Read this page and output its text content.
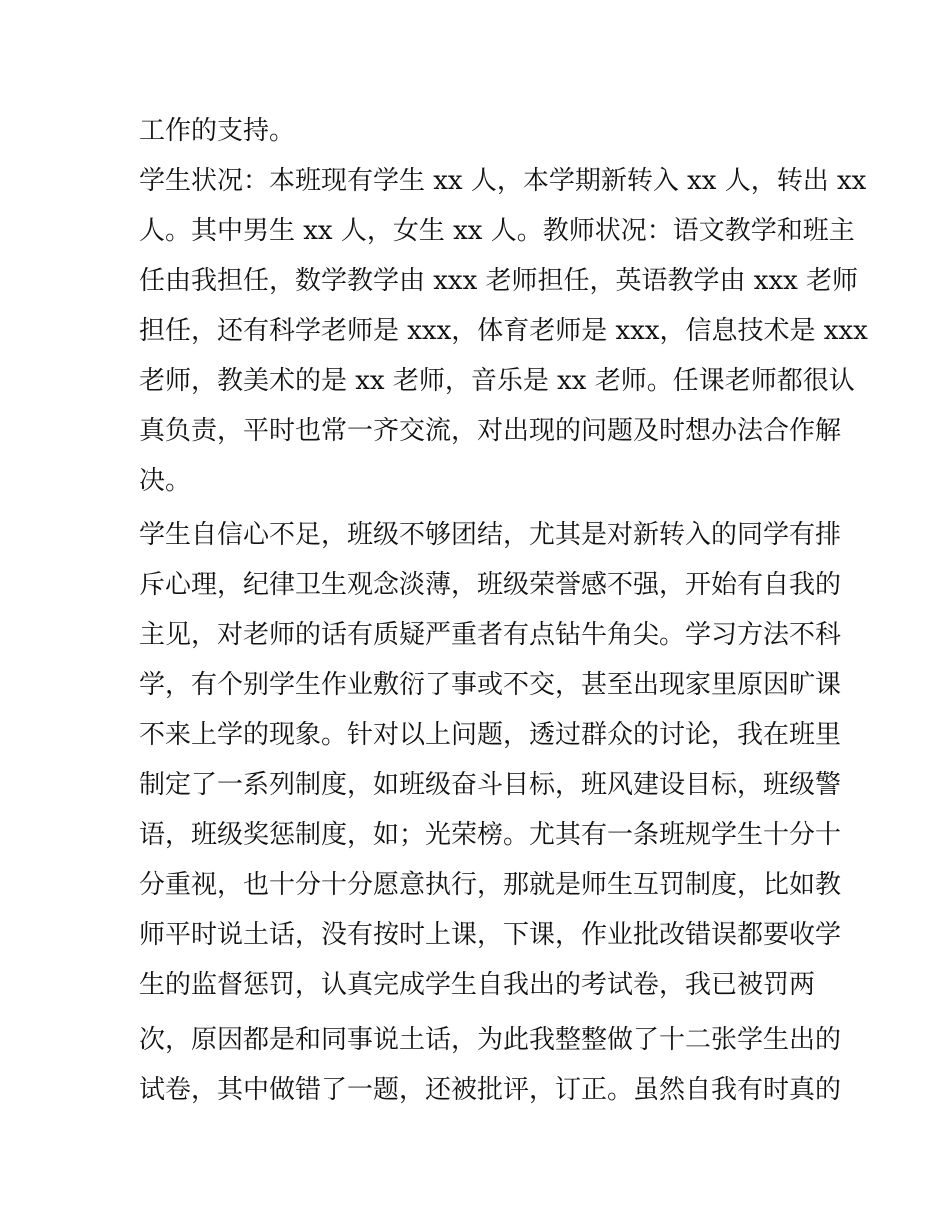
工作的支持。

学生状况：本班现有学生 xx 人，本学期新转入 xx 人，转出 xx

人。其中男生 xx 人，女生 xx 人。教师状况：语文教学和班主

任由我担任，数学教学由 xxx 老师担任，英语教学由 xxx 老师

担任，还有科学老师是 xxx，体育老师是 xxx，信息技术是 xxx

老师，教美术的是 xx 老师，音乐是 xx 老师。任课老师都很认

真负责，平时也常一齐交流，对出现的问题及时想办法合作解

决。

学生自信心不足，班级不够团结，尤其是对新转入的同学有排

斥心理，纪律卫生观念淡薄，班级荣誉感不强，开始有自我的

主见，对老师的话有质疑严重者有点钻牛角尖。学习方法不科

学，有个别学生作业敷衍了事或不交，甚至出现家里原因旷课

不来上学的现象。针对以上问题，透过群众的讨论，我在班里

制定了一系列制度，如班级奋斗目标，班风建设目标，班级警

语，班级奖惩制度，如；光荣榜。尤其有一条班规学生十分十

分重视，也十分十分愿意执行，那就是师生互罚制度，比如教

师平时说土话，没有按时上课，下课，作业批改错误都要收学

生的监督惩罚，认真完成学生自我出的考试卷，我已被罚两

次，原因都是和同事说土话，为此我整整做了十二张学生出的

试卷，其中做错了一题，还被批评，订正。虽然自我有时真的
